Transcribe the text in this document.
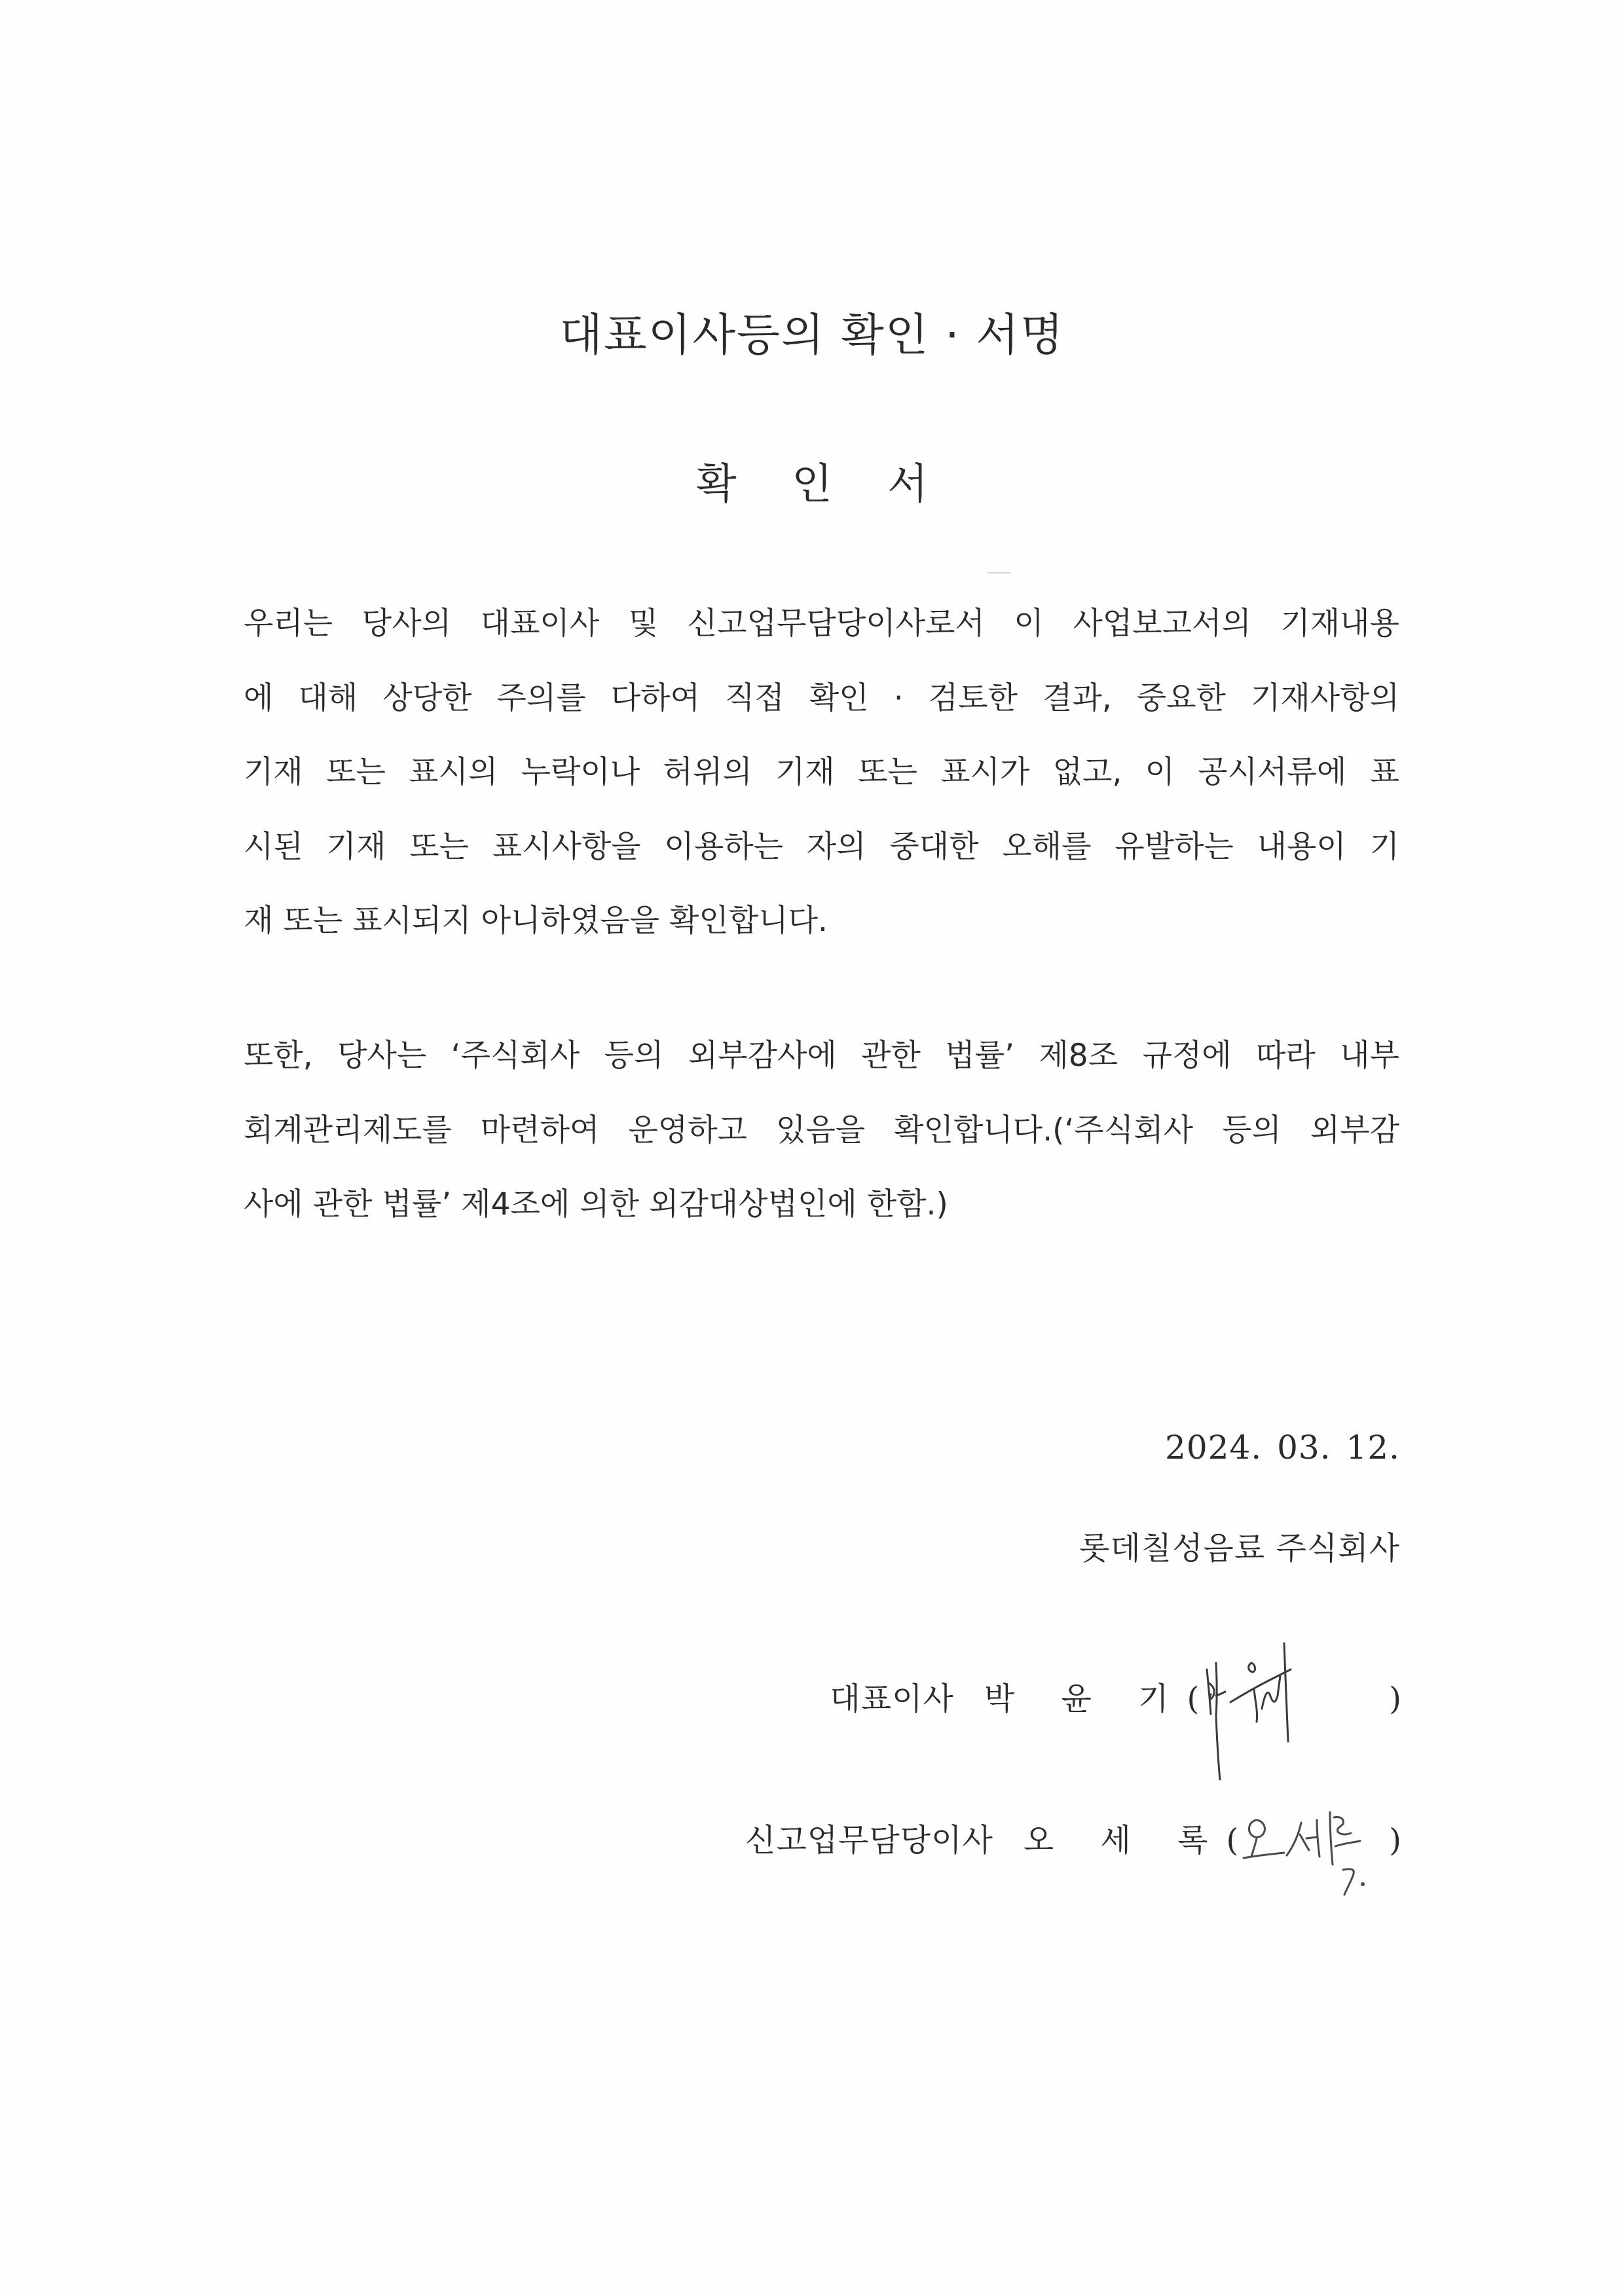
대표이사등의 확인 · 서명
확 인 서
우리는 당사의 대표이사 및 신고업무담당이사로서 이 사업보고서의 기재내용
에 대해 상당한 주의를 다하여 직접 확인 · 검토한 결과, 중요한 기재사항의
기재 또는 표시의 누락이나 허위의 기재 또는 표시가 없고, 이 공시서류에 표
시된 기재 또는 표시사항을 이용하는 자의 중대한 오해를 유발하는 내용이 기
재 또는 표시되지 아니하였음을 확인합니다.
또한, 당사는 ‘주식회사 등의 외부감사에 관한 법률’ 제8조 규정에 따라 내부
회계관리제도를 마련하여 운영하고 있음을 확인합니다.(‘주식회사 등의 외부감
사에 관한 법률’ 제4조에 의한 외감대상법인에 한함.)
2024. 03. 12.
롯데칠성음료 주식회사
대표이사 박 윤 기 (	)
신고업무담당이사 오 세 록 (	)
